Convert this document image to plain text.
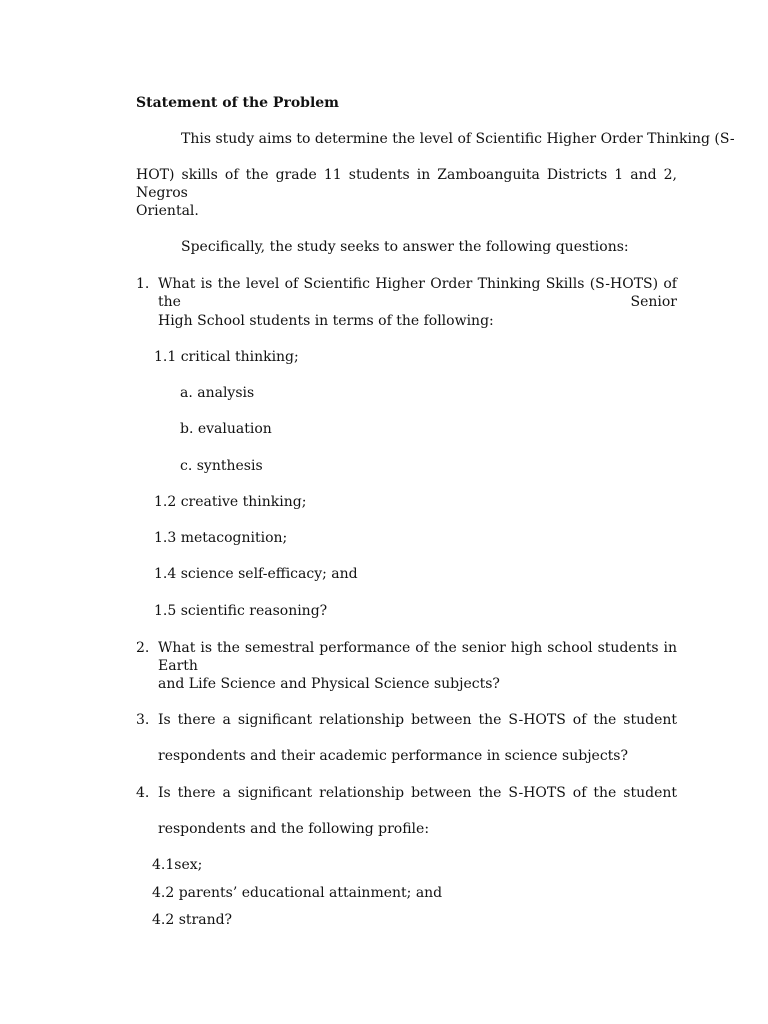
Statement of the Problem
This study aims to determine the level of Scientific Higher Order Thinking (S-
HOT) skills of the grade 11 students in Zamboanguita Districts 1 and 2, Negros
Oriental.
Specifically, the study seeks to answer the following questions:
1. What is the level of Scientific Higher Order Thinking Skills (S-HOTS) of the Senior
High School students in terms of the following:
1.1 critical thinking;
a. analysis
b. evaluation
c. synthesis
1.2 creative thinking;
1.3 metacognition;
1.4 science self-efficacy; and
1.5 scientific reasoning?
2. What is the semestral performance of the senior high school students in Earth
and Life Science and Physical Science subjects?
3. Is there a significant relationship between the S-HOTS of the student
respondents and their academic performance in science subjects?
4. Is there a significant relationship between the S-HOTS of the student
respondents and the following profile:
4.1sex;
4.2 parents’ educational attainment; and
4.2 strand?
